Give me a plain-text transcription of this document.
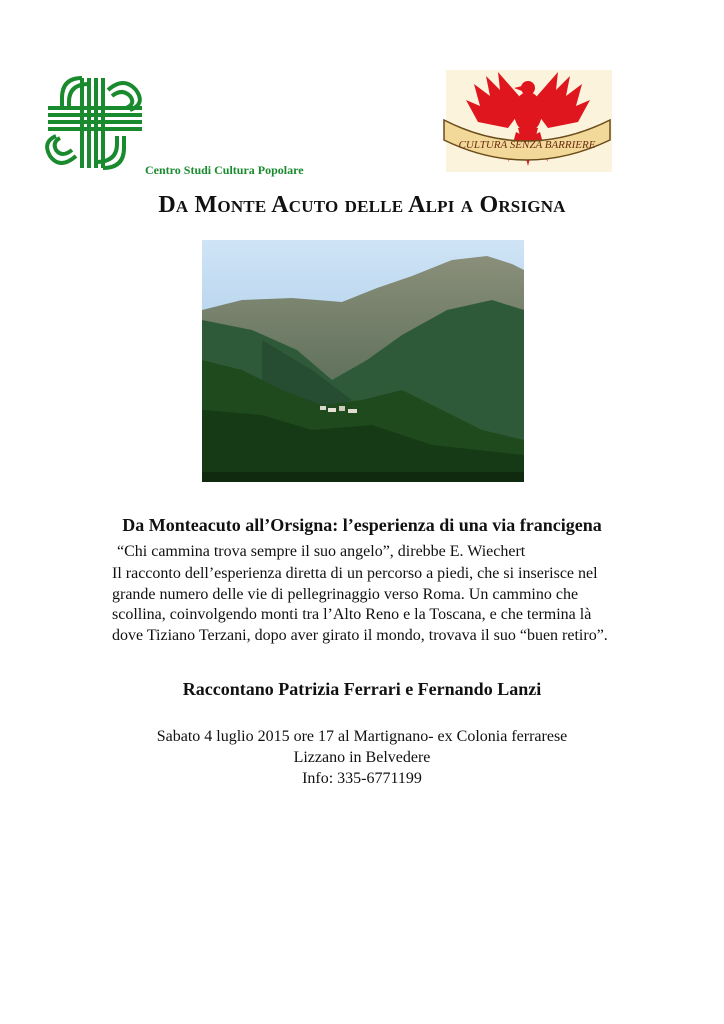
Centro Studi Cultura Popolare
CULTURA SENZA BARRIERE
Da Monte Acuto delle Alpi a Orsigna
Da Monteacuto all’Orsigna: l’esperienza di una via francigena
“Chi cammina trova sempre il suo angelo”, direbbe E. Wiechert
Il racconto dell’esperienza diretta di un percorso a piedi, che si inserisce nel grande numero delle vie di pellegrinaggio verso Roma. Un cammino che scollina, coinvolgendo monti tra l’Alto Reno e la Toscana, e che termina là dove Tiziano Terzani, dopo aver girato il mondo, trovava il suo “buen retiro”.
Raccontano Patrizia Ferrari e Fernando Lanzi
Sabato 4 luglio 2015 ore 17 al Martignano- ex Colonia ferrarese
Lizzano in Belvedere
Info: 335-6771199
